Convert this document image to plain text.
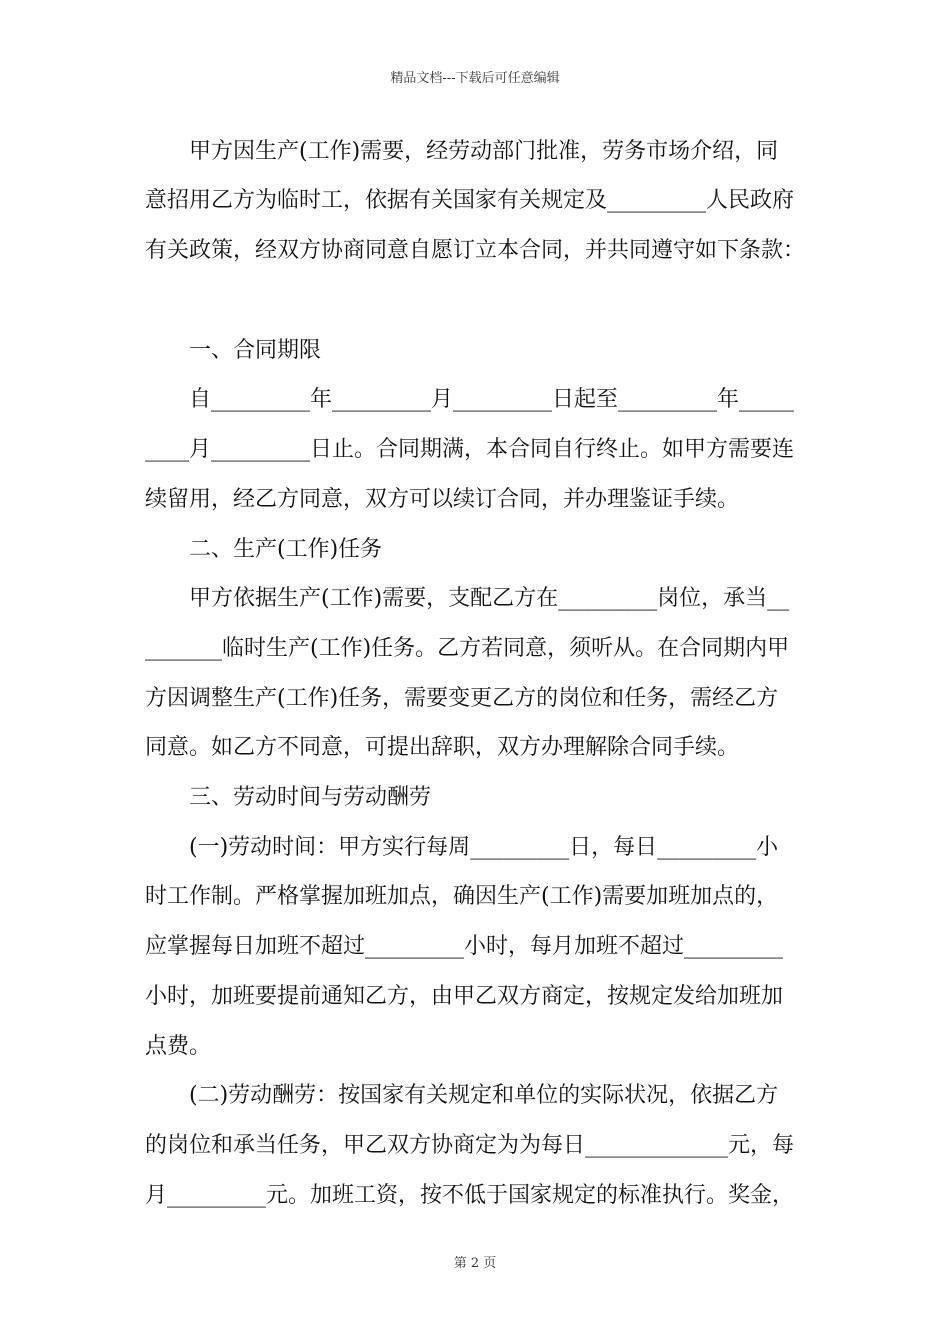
精品文档---下载后可任意编辑
　　甲方因生产(工作)需要，经劳动部门批准，劳务市场介绍，同
意招用乙方为临时工，依据有关国家有关规定及_________人民政府
有关政策，经双方协商同意自愿订立本合同，并共同遵守如下条款：
　　一、合同期限
　　自_________年_________月_________日起至_________年_____
____月_________日止。合同期满，本合同自行终止。如甲方需要连
续留用，经乙方同意，双方可以续订合同，并办理鉴证手续。
　　二、生产(工作)任务
　　甲方依据生产(工作)需要，支配乙方在_________岗位，承当__
_______临时生产(工作)任务。乙方若同意，须听从。在合同期内甲
方因调整生产(工作)任务，需要变更乙方的岗位和任务，需经乙方
同意。如乙方不同意，可提出辞职，双方办理解除合同手续。
　　三、劳动时间与劳动酬劳
　　(一)劳动时间：甲方实行每周_________日，每日_________小
时工作制。严格掌握加班加点，确因生产(工作)需要加班加点的，
应掌握每日加班不超过_________小时，每月加班不超过_________
小时，加班要提前通知乙方，由甲乙双方商定，按规定发给加班加
点费。
　　(二)劳动酬劳：按国家有关规定和单位的实际状况，依据乙方
的岗位和承当任务，甲乙双方协商定为为每日_____________元，每
月_________元。加班工资，按不低于国家规定的标准执行。奖金，
第 2 页
